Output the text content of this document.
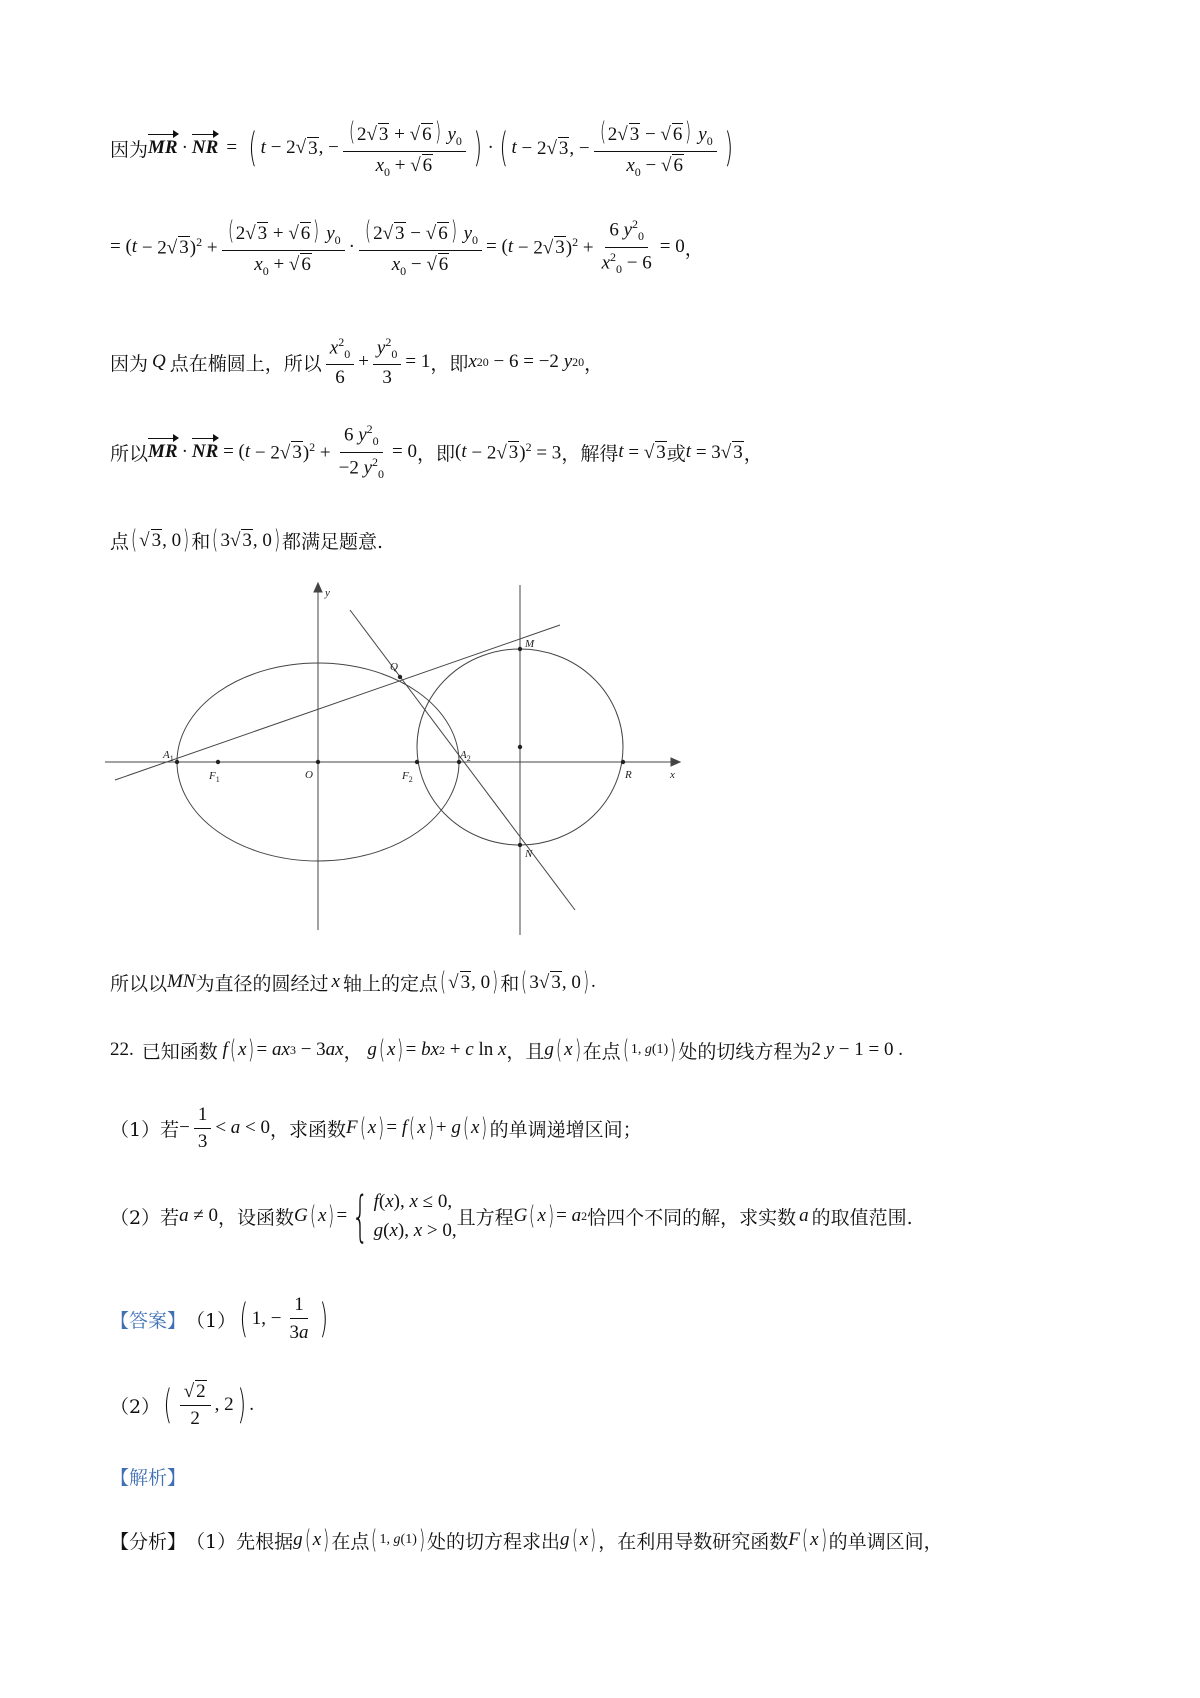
因为 MR · NR = ( t − 2 √ 3 , − $\frac{( 2√ 3 + √ 6 ) y_0}{x_0 + √ 6}$ ) · ( t − 2√ 3, − $\frac{( 2√ 3 - √ 6 ) y_0}{x_0 - √ 6}$ )
= ( t − 2√ $3)^2 + \frac{( 2√ 3 + √ 6 ) y_0}{x_0 + √ 6} \cdot \frac{( 2√ 3 - √ 6 ) y_0}{x_0 - √ 6}$ = ( t − 2√ $3)^2 + \frac{6 y^2_0}{x^2_0 - 6} = 0$ ，
因为 Q 点在椭圆上，所以 $\frac{x^2_0}{6} + \frac{y^2_0}{3} = 1$ ，即 x 2 0 − 6 = −2 y 2 0 ，
所以 MR · NR = ( t − 2√ $3)^2 + \frac{6 y^2_0}{-2 y^2_0} = 0$ ，即 ( t − 2√ 3)$^2$ = 3 ，解得 t = √ 3 或 t = 3√ 3 ，
点 ( √ 3, 0 ) 和 ( 3√ 3, 0 ) 都满足题意.
x
y
O
$A_1$	$A_2$
$F_1$	$F_2$
Q
M
N
R
所以以 MN 为直径的圆经过 x 轴上的定点 ( √ 3, 0 ) 和 ( 3√ 3, 0 ) .
22. 已知函数 f ( x ) = ax 3 − 3 ax ， g ( x ) = bx 2 + c ln x ，且 g ( x ) 在点 ( 1, g (1) ) 处的切线方程为 2 y − 1 = 0 .
（1）若 − $\frac{1}{3} < a < 0$ ，求函数 F ( x ) = f ( x ) + g ( x ) 的单调递增区间；
（2）若 a ≠ 0 ，设函数 G ( x ) = { f(x), x ≤ 0,
g(x), x > 0,
且方程 G ( x ) = a 2 恰四个不同的解，求实数 a 的取值范围.
【答案】 （1） ( 1, − $\frac{1}{3a}$ )
（2） ( $\frac{√ 2}{2}$ , 2 ) .
【解析】
【分析】 （1）先根据 g ( x ) 在点 ( 1, g (1) ) 处的切方程求出 g ( x ) ，在利用导数研究函数 F ( x ) 的单调区间，
